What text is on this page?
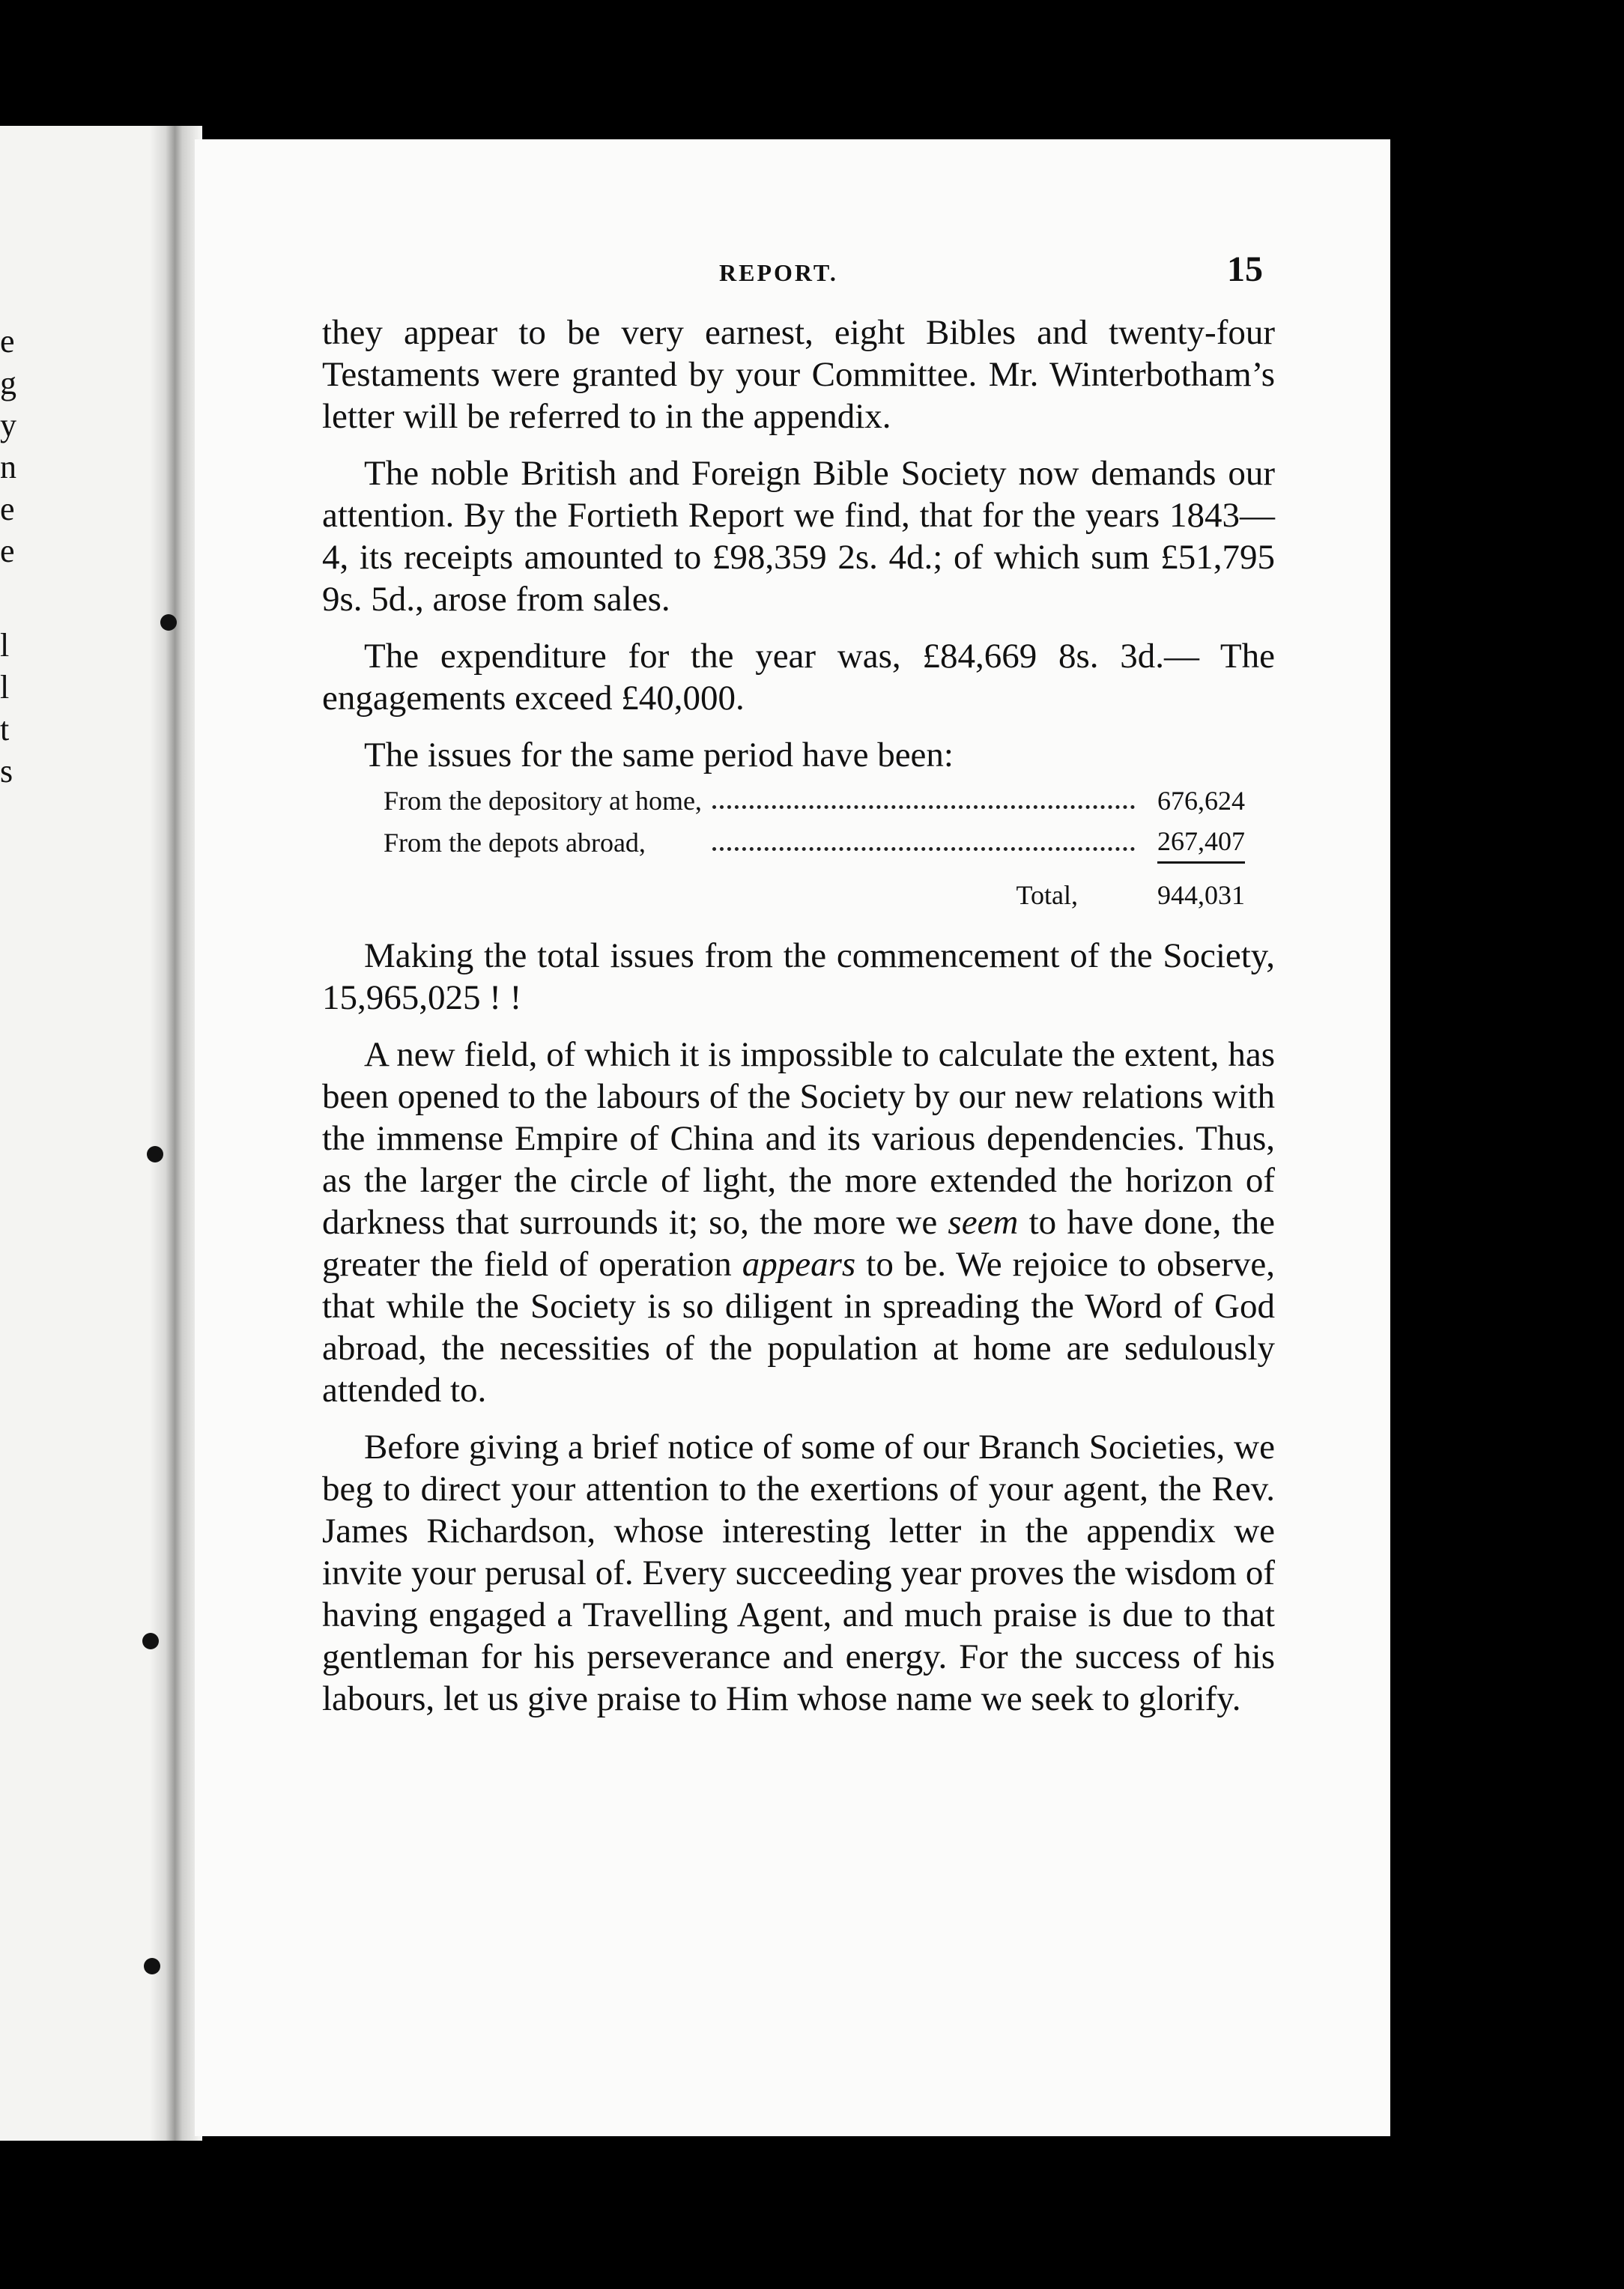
e
g
y
n
e
e
l
l
t
s
REPORT.	15

they appear to be very earnest, eight Bibles and twenty-four Testaments were granted by your Committee. Mr. Winterbotham’s letter will be referred to in the appendix.

The noble British and Foreign Bible Society now demands our attention. By the Fortieth Report we find, that for the years 1843—4, its receipts amounted to £98,359 2s. 4d.; of which sum £51,795 9s. 5d., arose from sales.

The expenditure for the year was, £84,669 8s. 3d.— The engagements exceed £40,000.

The issues for the same period have been:

From the depository at home,		676,624
From the depots abroad,		267,407
Total,		944,031

Making the total issues from the commencement of the Society, 15,965,025 ! !

A new field, of which it is impossible to calculate the extent, has been opened to the labours of the Society by our new relations with the immense Empire of China and its various dependencies. Thus, as the larger the circle of light, the more extended the horizon of darkness that surrounds it; so, the more we seem to have done, the greater the field of operation appears to be. We rejoice to observe, that while the Society is so diligent in spreading the Word of God abroad, the necessities of the population at home are sedulously attended to.

Before giving a brief notice of some of our Branch Societies, we beg to direct your attention to the exertions of your agent, the Rev. James Richardson, whose interesting letter in the appendix we invite your perusal of. Every succeeding year proves the wisdom of having engaged a Travelling Agent, and much praise is due to that gentleman for his perseverance and energy. For the success of his labours, let us give praise to Him whose name we seek to glorify.
